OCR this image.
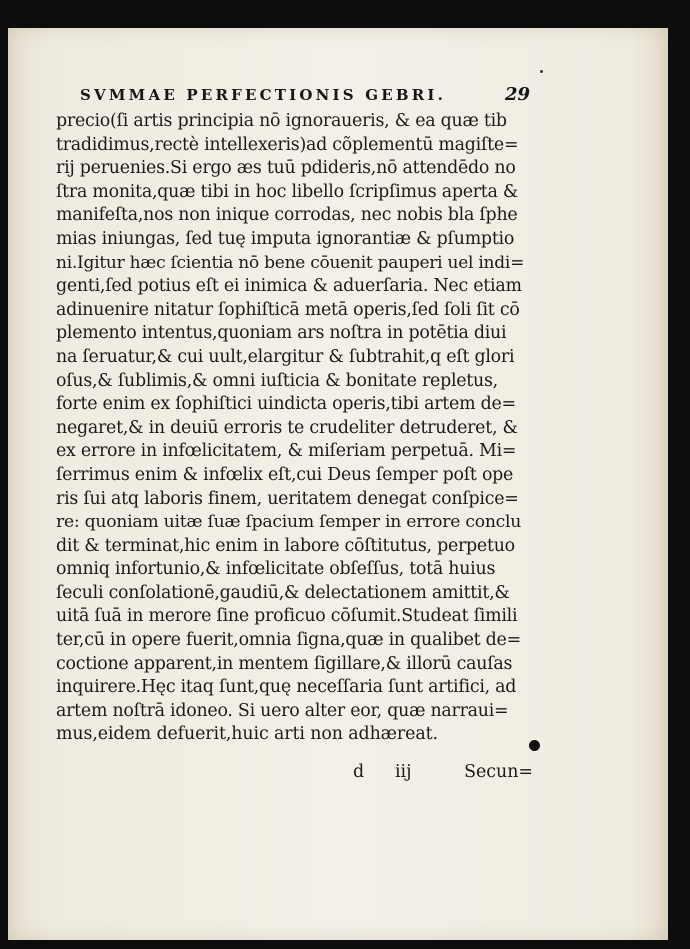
SVMMAE PERFECTIONIS GEBRI.	29
precio(ſi artis principia nō ignoraueris, & ea quæ tib
tradidimus,rectè intellexeris)ad cõplementū magiſte=
rij peruenies.Si ergo æs tuū pdideris,nō attendēdo no
ſtra monita,quæ tibi in hoc libello ſcripſimus aperta &
manifeſta,nos non inique corrodas, nec nobis bla ſphe
mias iniungas, ſed tuę imputa ignorantiæ & pſumptio
ni.Igitur hæc ſcientia nō bene cōuenit pauperi uel indi=
genti,ſed potius eſt ei inimica & aduerſaria. Nec etiam
adinuenire nitatur ſophiſticā metā operis,ſed ſoli ſit cō
plemento intentus,quoniam ars noſtra in potētia diui
na ſeruatur,& cui uult,elargitur & ſubtrahit,q eſt glori
oſus,& ſublimis,& omni iuſticia & bonitate repletus,
forte enim ex ſophiſtici uindicta operis,tibi artem de=
negaret,& in deuiū erroris te crudeliter detruderet, &
ex errore in infœlicitatem, & miſeriam perpetuā. Mi=
ſerrimus enim & infœlix eſt,cui Deus ſemper poſt ope
ris ſui atq laboris finem, ueritatem denegat conſpice=
re: quoniam uitæ ſuæ ſpacium ſemper in errore conclu
dit & terminat,hic enim in labore cōſtitutus, perpetuo
omniq infortunio,& infœlicitate obſeſſus, totā huius
ſeculi conſolationē,gaudiū,& delectationem amittit,&
uitā ſuā in merore ſine proficuo cōſumit.Studeat ſimili
ter,cū in opere fuerit,omnia ſigna,quæ in qualibet de=
coctione apparent,in mentem ſigillare,& illorū cauſas
inquirere.Hęc itaq ſunt,quę neceſſaria ſunt artifici, ad
artem noſtrā idoneo. Si uero alter eor, quæ narraui=
mus,eidem defuerit,huic arti non adhæreat.
d iij	Secun=
